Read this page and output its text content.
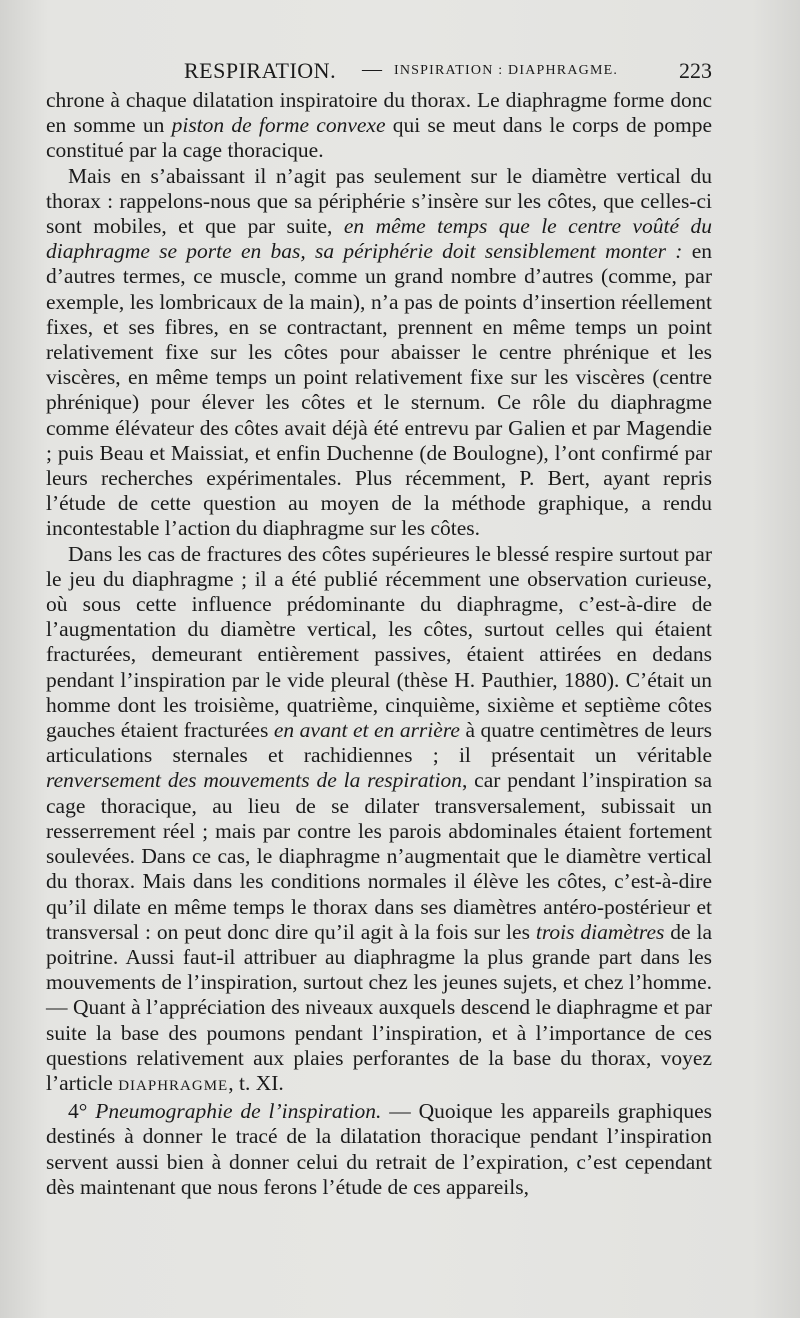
RESPIRATION. — INSPIRATION : DIAPHRAGME.	223

chrone à chaque dilatation inspiratoire du thorax. Le diaphragme forme donc en somme un piston de forme convexe qui se meut dans le corps de pompe constitué par la cage thoracique.

Mais en s’abaissant il n’agit pas seulement sur le diamètre vertical du thorax : rappelons-nous que sa périphérie s’insère sur les côtes, que celles-ci sont mobiles, et que par suite, en même temps que le centre voûté du diaphragme se porte en bas, sa périphérie doit sensiblement monter : en d’autres termes, ce muscle, comme un grand nombre d’autres (comme, par exemple, les lombricaux de la main), n’a pas de points d’insertion réellement fixes, et ses fibres, en se contractant, prennent en même temps un point relativement fixe sur les côtes pour abaisser le centre phrénique et les viscères, en même temps un point relativement fixe sur les viscères (centre phrénique) pour élever les côtes et le sternum. Ce rôle du diaphragme comme élévateur des côtes avait déjà été entrevu par Galien et par Magendie ; puis Beau et Maissiat, et enfin Duchenne (de Boulogne), l’ont confirmé par leurs recherches expérimentales. Plus récemment, P. Bert, ayant repris l’étude de cette question au moyen de la méthode graphique, a rendu incontestable l’action du diaphragme sur les côtes.

Dans les cas de fractures des côtes supérieures le blessé respire surtout par le jeu du diaphragme ; il a été publié récemment une observation curieuse, où sous cette influence prédominante du diaphragme, c’est-à-dire de l’augmentation du diamètre vertical, les côtes, surtout celles qui étaient fracturées, demeurant entièrement passives, étaient attirées en dedans pendant l’inspiration par le vide pleural (thèse H. Pauthier, 1880). C’était un homme dont les troisième, quatrième, cinquième, sixième et septième côtes gauches étaient fracturées en avant et en arrière à quatre centimètres de leurs articulations sternales et rachidiennes ; il présentait un véritable renversement des mouvements de la respiration, car pendant l’inspiration sa cage thoracique, au lieu de se dilater transversalement, subissait un resserrement réel ; mais par contre les parois abdominales étaient fortement soulevées. Dans ce cas, le diaphragme n’augmentait que le diamètre vertical du thorax. Mais dans les conditions normales il élève les côtes, c’est-à-dire qu’il dilate en même temps le thorax dans ses diamètres antéro-postérieur et transversal : on peut donc dire qu’il agit à la fois sur les trois diamètres de la poitrine. Aussi faut-il attribuer au diaphragme la plus grande part dans les mouvements de l’inspiration, surtout chez les jeunes sujets, et chez l’homme. — Quant à l’appréciation des niveaux auxquels descend le diaphragme et par suite la base des poumons pendant l’inspiration, et à l’importance de ces questions relativement aux plaies perforantes de la base du thorax, voyez l’article DIAPHRAGME, t. XI.

4° Pneumographie de l’inspiration. — Quoique les appareils graphiques destinés à donner le tracé de la dilatation thoracique pendant l’inspiration servent aussi bien à donner celui du retrait de l’expiration, c’est cependant dès maintenant que nous ferons l’étude de ces appareils,
